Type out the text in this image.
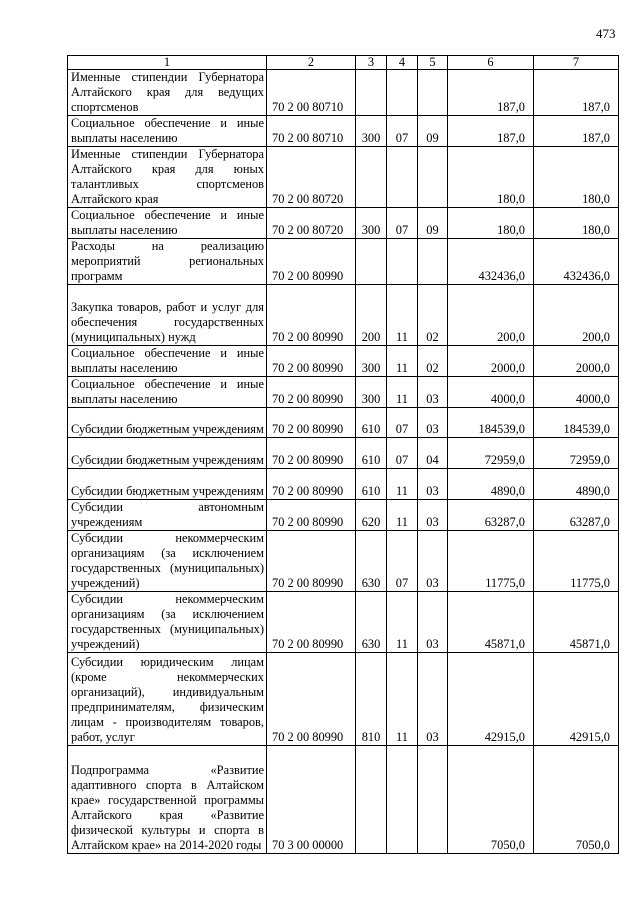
473
1	2	3	4	5	6	7
Именные стипендии Губернатора Алтайского края для ведущих спортсменов	70 2 00 80710				187,0	187,0
Социальное обеспечение и иные выплаты населению	70 2 00 80710	300	07	09	187,0	187,0
Именные стипендии Губернатора Алтайского края для юных талантливых спортсменов Алтайского края	70 2 00 80720				180,0	180,0
Социальное обеспечение и иные выплаты населению	70 2 00 80720	300	07	09	180,0	180,0
Расходы на реализацию мероприятий региональных программ	70 2 00 80990				432436,0	432436,0
Закупка товаров, работ и услуг для обеспечения государственных (муниципальных) нужд	70 2 00 80990	200	11	02	200,0	200,0
Социальное обеспечение и иные выплаты населению	70 2 00 80990	300	11	02	2000,0	2000,0
Социальное обеспечение и иные выплаты населению	70 2 00 80990	300	11	03	4000,0	4000,0
Субсидии бюджетным учреждениям	70 2 00 80990	610	07	03	184539,0	184539,0
Субсидии бюджетным учреждениям	70 2 00 80990	610	07	04	72959,0	72959,0
Субсидии бюджетным учреждениям	70 2 00 80990	610	11	03	4890,0	4890,0
Субсидии автономным учреждениям	70 2 00 80990	620	11	03	63287,0	63287,0
Субсидии некоммерческим организациям (за исключением государственных (муниципальных) учреждений)	70 2 00 80990	630	07	03	11775,0	11775,0
Субсидии некоммерческим организациям (за исключением государственных (муниципальных) учреждений)	70 2 00 80990	630	11	03	45871,0	45871,0
Субсидии юридическим лицам (кроме некоммерческих организаций), индивидуальным предпринимателям, физическим лицам - производителям товаров, работ, услуг	70 2 00 80990	810	11	03	42915,0	42915,0
Подпрограмма «Развитие адаптивного спорта в Алтайском крае» государственной программы Алтайского края «Развитие физической культуры и спорта в Алтайском крае» на 2014-2020 годы	70 3 00 00000				7050,0	7050,0
